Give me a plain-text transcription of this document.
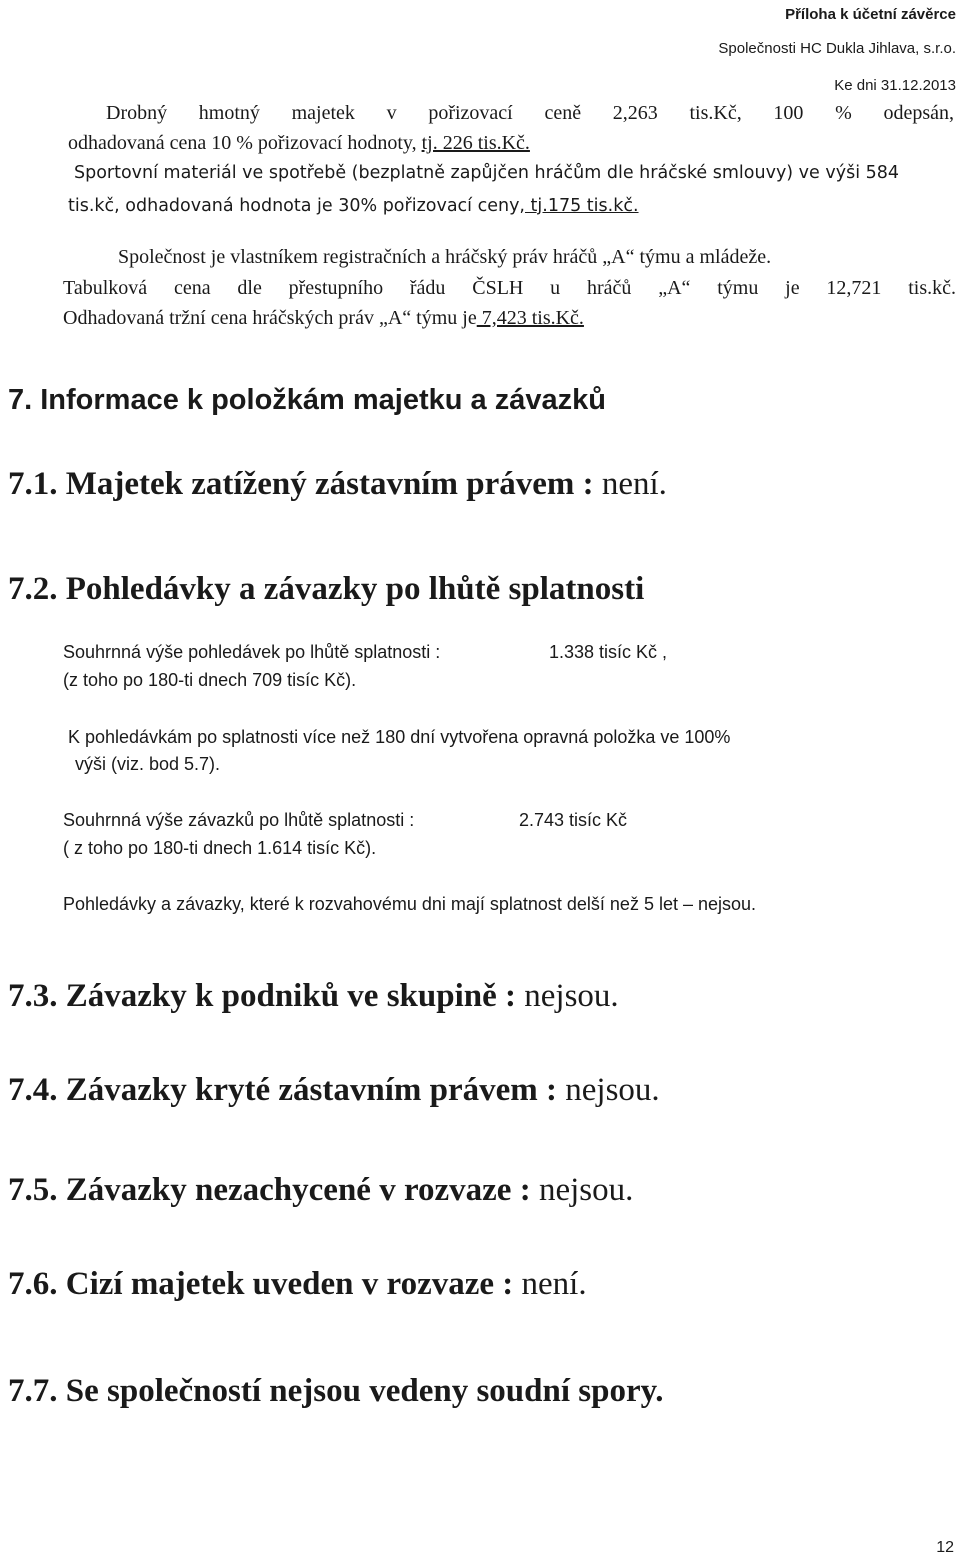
Příloha k účetní závěrce
Společnosti HC Dukla Jihlava, s.r.o.
Ke dni 31.12.2013
Drobný hmotný majetek v pořizovací ceně 2,263 tis.Kč, 100 % odepsán,
odhadovaná cena 10 % pořizovací hodnoty, tj. 226 tis.Kč.
Sportovní materiál ve spotřebě (bezplatně zapůjčen hráčům dle hráčské smlouvy) ve výši 584
tis.kč, odhadovaná hodnota je 30% pořizovací ceny, tj.175 tis.kč.
Společnost je vlastníkem registračních a hráčský práv hráčů „A“ týmu a mládeže.
Tabulková cena dle přestupního řádu ČSLH u hráčů „A“ týmu je 12,721 tis.kč.
Odhadovaná tržní cena hráčských práv „A“ týmu je 7,423 tis.Kč.
7. Informace k položkám majetku a závazků
7.1. Majetek zatížený zástavním právem : není.
7.2. Pohledávky a závazky po lhůtě splatnosti
Souhrnná výše pohledávek po lhůtě splatnosti :	1.338 tisíc Kč ,
(z toho po 180-ti dnech 709 tisíc Kč).
K pohledávkám po splatnosti více než 180 dní vytvořena opravná položka ve 100%
výši (viz. bod 5.7).
Souhrnná výše závazků po lhůtě splatnosti :	2.743 tisíc Kč
( z toho po 180-ti dnech 1.614 tisíc Kč).
Pohledávky a závazky, které k rozvahovému dni mají splatnost delší než 5 let – nejsou.
7.3. Závazky k podniků ve skupině : nejsou.
7.4. Závazky kryté zástavním právem : nejsou.
7.5. Závazky nezachycené v rozvaze : nejsou.
7.6. Cizí majetek uveden v rozvaze : není.
7.7. Se společností nejsou vedeny soudní spory.
12
